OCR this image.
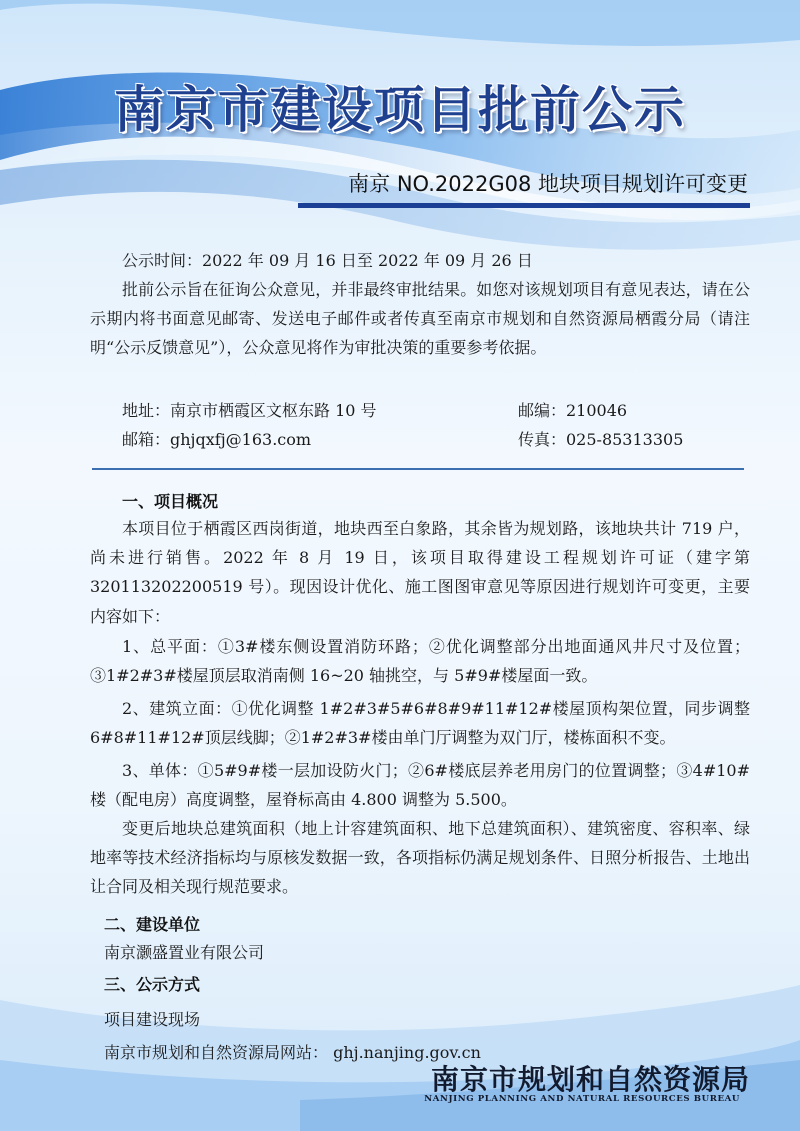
南京市建设项目批前公示
南京 NO.2022G08 地块项目规划许可变更
公示时间：2022 年 09 月 16 日至 2022 年 09 月 26 日

批前公示旨在征询公众意见，并非最终审批结果。如您对该规划项目有意见表达，请在公示期内将书面意见邮寄、发送电子邮件或者传真至南京市规划和自然资源局栖霞分局（请注明“公示反馈意见”），公众意见将作为审批决策的重要参考依据。

地址：南京市栖霞区文枢东路 10 号	邮编：210046
邮箱：ghjqxfj@163.com	传真：025-85313305
一、项目概况

本项目位于栖霞区西岗街道，地块西至白象路，其余皆为规划路，该地块共计 719 户，尚未进行销售。2022 年 8 月 19 日，该项目取得建设工程规划许可证（建字第 320113202200519 号）。现因设计优化、施工图图审意见等原因进行规划许可变更，主要内容如下：

1、总平面：①3#楼东侧设置消防环路；②优化调整部分出地面通风井尺寸及位置；③1#2#3#楼屋顶层取消南侧 16~20 轴挑空，与 5#9#楼屋面一致。

2、建筑立面：①优化调整 1#2#3#5#6#8#9#11#12#楼屋顶构架位置，同步调整 6#8#11#12#顶层线脚；②1#2#3#楼由单门厅调整为双门厅，楼栋面积不变。

3、单体：①5#9#楼一层加设防火门；②6#楼底层养老用房门的位置调整；③4#10#楼（配电房）高度调整，屋脊标高由 4.800 调整为 5.500。

变更后地块总建筑面积（地上计容建筑面积、地下总建筑面积）、建筑密度、容积率、绿地率等技术经济指标均与原核发数据一致，各项指标仍满足规划条件、日照分析报告、土地出让合同及相关现行规范要求。

二、建设单位
南京灏盛置业有限公司
三、公示方式
项目建设现场
南京市规划和自然资源局网站： ghj.nanjing.gov.cn
南京市规划和自然资源局
NANJING PLANNING AND NATURAL RESOURCES BUREAU
